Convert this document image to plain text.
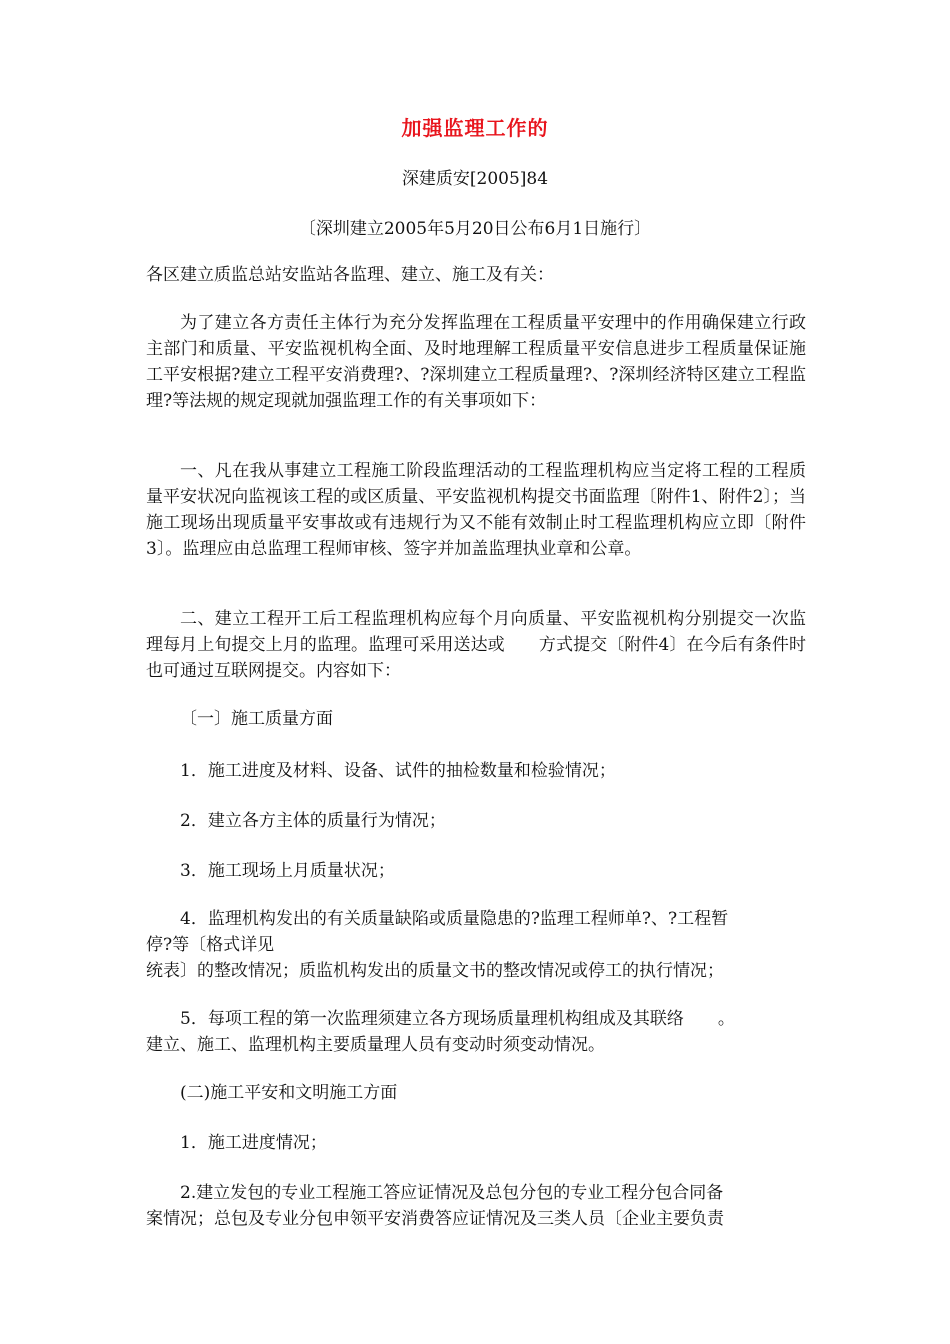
加强监理工作的
深建质安[2005]84
〔深圳建立2005年5月20日公布6月1日施行〕
各区建立质监总站安监站各监理、建立、施工及有关：

为了建立各方责任主体行为充分发挥监理在工程质量平安理中的作用确保建立行政主部门和质量、平安监视机构全面、及时地理解工程质量平安信息进步工程质量保证施工平安根据?建立工程平安消费理?、?深圳建立工程质量理?、?深圳经济特区建立工程监理?等法规的规定现就加强监理工作的有关事项如下：

一、凡在我从事建立工程施工阶段监理活动的工程监理机构应当定将工程的工程质量平安状况向监视该工程的或区质量、平安监视机构提交书面监理〔附件1、附件2〕；当施工现场出现质量平安事故或有违规行为又不能有效制止时工程监理机构应立即〔附件3〕。监理应由总监理工程师审核、签字并加盖监理执业章和公章。

二、建立工程开工后工程监理机构应每个月向质量、平安监视机构分别提交一次监理每月上旬提交上月的监理。监理可采用送达或　　方式提交〔附件4〕在今后有条件时也可通过互联网提交。内容如下：

〔一〕施工质量方面
1．施工进度及材料、设备、试件的抽检数量和检验情况；
2．建立各方主体的质量行为情况；
3．施工现场上月质量状况；
4．监理机构发出的有关质量缺陷或质量隐患的?监理工程师单?、?工程暂
停?等〔格式详见
统表〕的整改情况；质监机构发出的质量文书的整改情况或停工的执行情况；
5．每项工程的第一次监理须建立各方现场质量理机构组成及其联络　　。
建立、施工、监理机构主要质量理人员有变动时须变动情况。
(二)施工平安和文明施工方面
1．施工进度情况；
2.建立发包的专业工程施工答应证情况及总包分包的专业工程分包合同备
案情况；总包及专业分包申领平安消费答应证情况及三类人员〔企业主要负责
